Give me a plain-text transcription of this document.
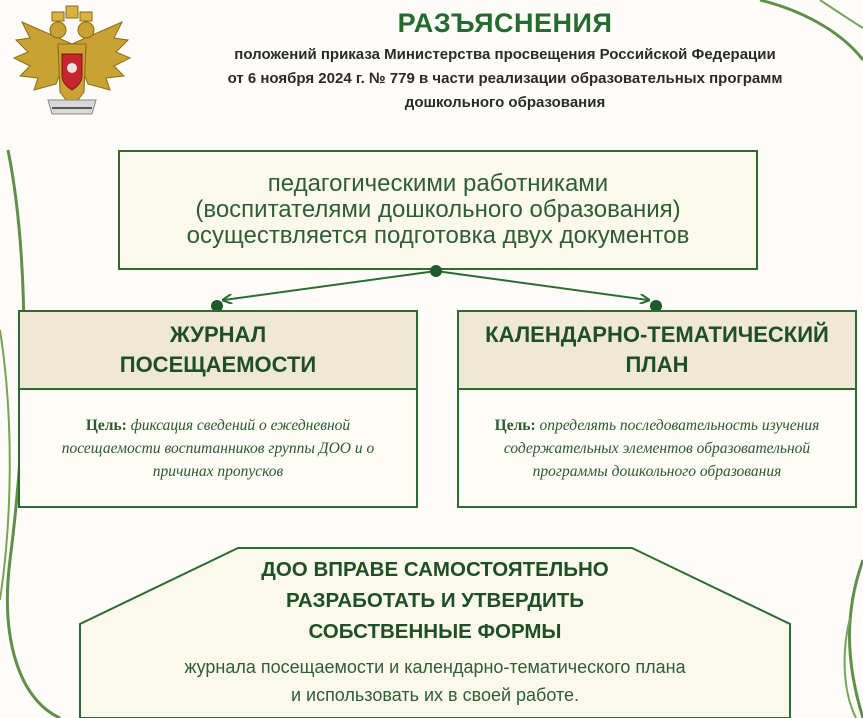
РАЗЪЯСНЕНИЯ
положений приказа Министерства просвещения Российской Федерации
от 6 ноября 2024 г. № 779 в части реализации образовательных программ
дошкольного образования
педагогическими работниками
(воспитателями дошкольного образования)
осуществляется подготовка двух документов
ЖУРНАЛ
ПОСЕЩАЕМОСТИ
Цель: фиксация сведений о ежедневной посещаемости воспитанников группы ДОО и о причинах пропусков
КАЛЕНДАРНО-ТЕМАТИЧЕСКИЙ
ПЛАН
Цель: определять последовательность изучения содержательных элементов образовательной программы дошкольного образования
ДОО ВПРАВЕ САМОСТОЯТЕЛЬНО
РАЗРАБОТАТЬ И УТВЕРДИТЬ
СОБСТВЕННЫЕ ФОРМЫ
журнала посещаемости и календарно-тематического плана
и использовать их в своей работе.
